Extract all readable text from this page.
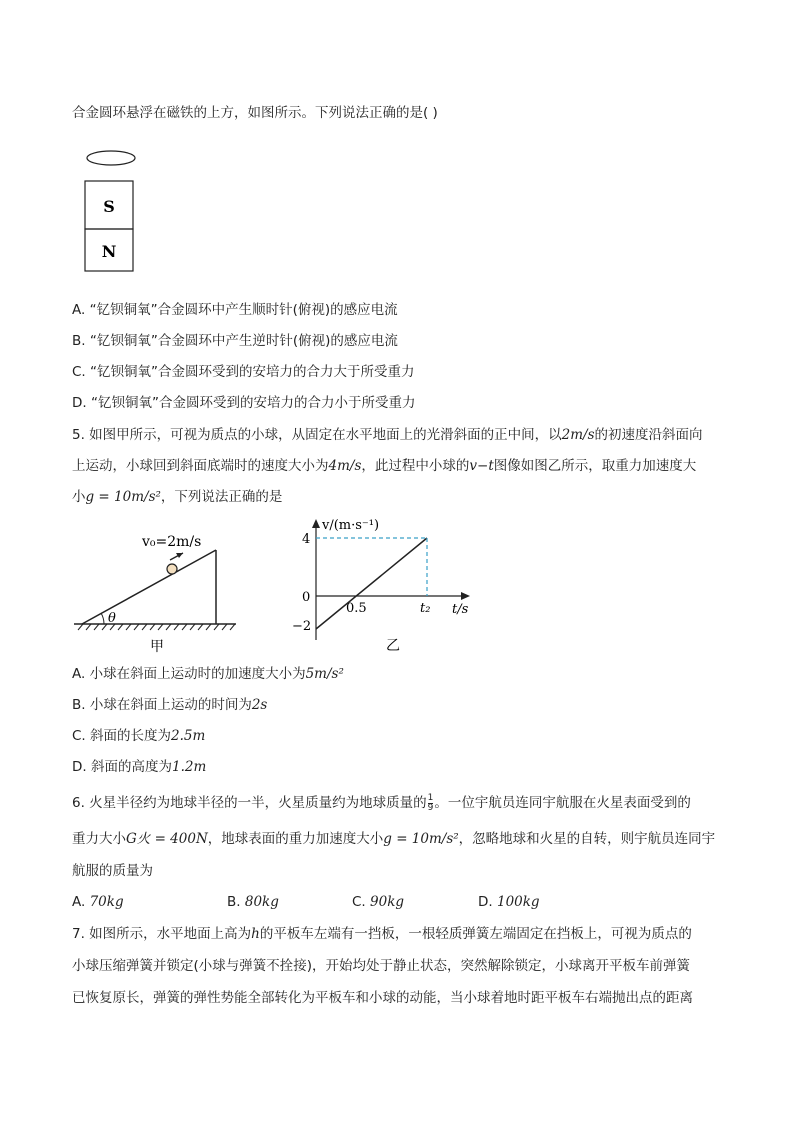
合金圆环悬浮在磁铁的上方，如图所示。下列说法正确的是( )
S
N
A. “钇钡铜氧”合金圆环中产生顺时针(俯视)的感应电流
B. “钇钡铜氧”合金圆环中产生逆时针(俯视)的感应电流
C. “钇钡铜氧”合金圆环受到的安培力的合力大于所受重力
D. “钇钡铜氧”合金圆环受到的安培力的合力小于所受重力
5. 如图甲所示，可视为质点的小球，从固定在水平地面上的光滑斜面的正中间，以2m/s的初速度沿斜面向
上运动，小球回到斜面底端时的速度大小为4m/s，此过程中小球的v−t图像如图乙所示，取重力加速度大
小g = 10m/s²，下列说法正确的是
θ
v₀=2m/s
甲
v/(m·s⁻¹)
t/s
4
0
−2
0.5	t₂
乙
A. 小球在斜面上运动时的加速度大小为5m/s²
B. 小球在斜面上运动的时间为2s
C. 斜面的长度为2.5m
D. 斜面的高度为1.2m
6. 火星半径约为地球半径的一半，火星质量约为地球质量的 $\frac{1}{9}$ 。一位宇航员连同宇航服在火星表面受到的
重力大小G火 = 400N，地球表面的重力加速度大小g = 10m/s²，忽略地球和火星的自转，则宇航员连同宇
航服的质量为
A. 70kg	B. 80kg	C. 90kg	D. 100kg
7. 如图所示，水平地面上高为h的平板车左端有一挡板，一根轻质弹簧左端固定在挡板上，可视为质点的
小球压缩弹簧并锁定(小球与弹簧不拴接)，开始均处于静止状态，突然解除锁定，小球离开平板车前弹簧
已恢复原长，弹簧的弹性势能全部转化为平板车和小球的动能，当小球着地时距平板车右端抛出点的距离
